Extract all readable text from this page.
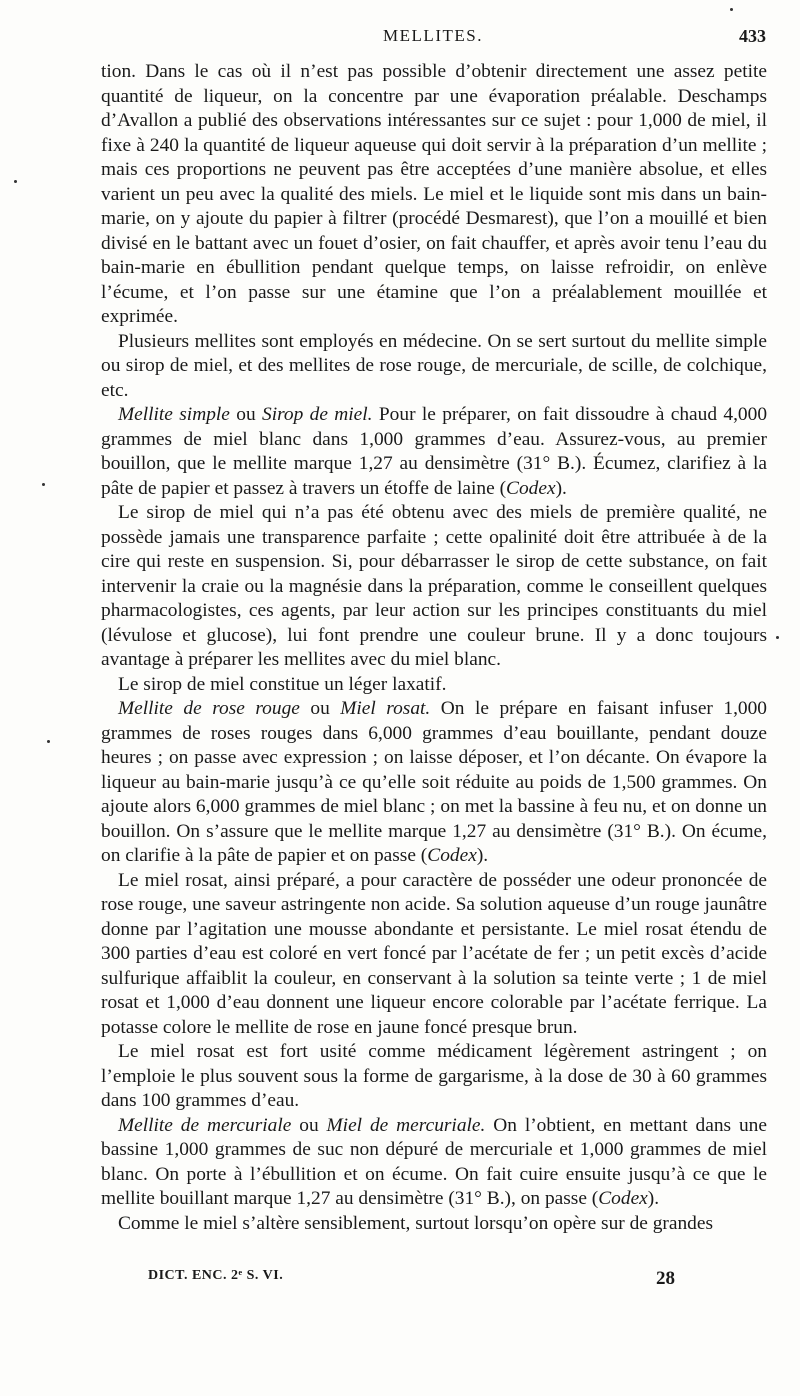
MELLITES.	433

tion. Dans le cas où il n’est pas possible d’obtenir directement une assez petite quantité de liqueur, on la concentre par une évaporation préalable. Deschamps d’Avallon a publié des observations intéressantes sur ce sujet : pour 1,000 de miel, il fixe à 240 la quantité de liqueur aqueuse qui doit servir à la préparation d’un mellite ; mais ces proportions ne peuvent pas être acceptées d’une manière absolue, et elles varient un peu avec la qualité des miels. Le miel et le liquide sont mis dans un bain-marie, on y ajoute du papier à filtrer (procédé Desmarest), que l’on a mouillé et bien divisé en le battant avec un fouet d’osier, on fait chauffer, et après avoir tenu l’eau du bain-marie en ébullition pendant quelque temps, on laisse refroidir, on enlève l’écume, et l’on passe sur une étamine que l’on a préalablement mouillée et exprimée.

Plusieurs mellites sont employés en médecine. On se sert surtout du mellite simple ou sirop de miel, et des mellites de rose rouge, de mercuriale, de scille, de colchique, etc.

Mellite simple ou Sirop de miel. Pour le préparer, on fait dissoudre à chaud 4,000 grammes de miel blanc dans 1,000 grammes d’eau. Assurez-vous, au premier bouillon, que le mellite marque 1,27 au densimètre (31° B.). Écumez, clarifiez à la pâte de papier et passez à travers un étoffe de laine (Codex).

Le sirop de miel qui n’a pas été obtenu avec des miels de première qualité, ne possède jamais une transparence parfaite ; cette opalinité doit être attribuée à de la cire qui reste en suspension. Si, pour débarrasser le sirop de cette substance, on fait intervenir la craie ou la magnésie dans la préparation, comme le conseillent quelques pharmacologistes, ces agents, par leur action sur les principes constituants du miel (lévulose et glucose), lui font prendre une couleur brune. Il y a donc toujours avantage à préparer les mellites avec du miel blanc.

Le sirop de miel constitue un léger laxatif.

Mellite de rose rouge ou Miel rosat. On le prépare en faisant infuser 1,000 grammes de roses rouges dans 6,000 grammes d’eau bouillante, pendant douze heures ; on passe avec expression ; on laisse déposer, et l’on décante. On évapore la liqueur au bain-marie jusqu’à ce qu’elle soit réduite au poids de 1,500 grammes. On ajoute alors 6,000 grammes de miel blanc ; on met la bassine à feu nu, et on donne un bouillon. On s’assure que le mellite marque 1,27 au densimètre (31° B.). On écume, on clarifie à la pâte de papier et on passe (Codex).

Le miel rosat, ainsi préparé, a pour caractère de posséder une odeur prononcée de rose rouge, une saveur astringente non acide. Sa solution aqueuse d’un rouge jaunâtre donne par l’agitation une mousse abondante et persistante. Le miel rosat étendu de 300 parties d’eau est coloré en vert foncé par l’acétate de fer ; un petit excès d’acide sulfurique affaiblit la couleur, en conservant à la solution sa teinte verte ; 1 de miel rosat et 1,000 d’eau donnent une liqueur encore colorable par l’acétate ferrique. La potasse colore le mellite de rose en jaune foncé presque brun.

Le miel rosat est fort usité comme médicament légèrement astringent ; on l’emploie le plus souvent sous la forme de gargarisme, à la dose de 30 à 60 grammes dans 100 grammes d’eau.

Mellite de mercuriale ou Miel de mercuriale. On l’obtient, en mettant dans une bassine 1,000 grammes de suc non dépuré de mercuriale et 1,000 grammes de miel blanc. On porte à l’ébullition et on écume. On fait cuire ensuite jusqu’à ce que le mellite bouillant marque 1,27 au densimètre (31° B.), on passe (Codex).

Comme le miel s’altère sensiblement, surtout lorsqu’on opère sur de grandes

DICT. ENC. 2ᵉ S. VI.	28
